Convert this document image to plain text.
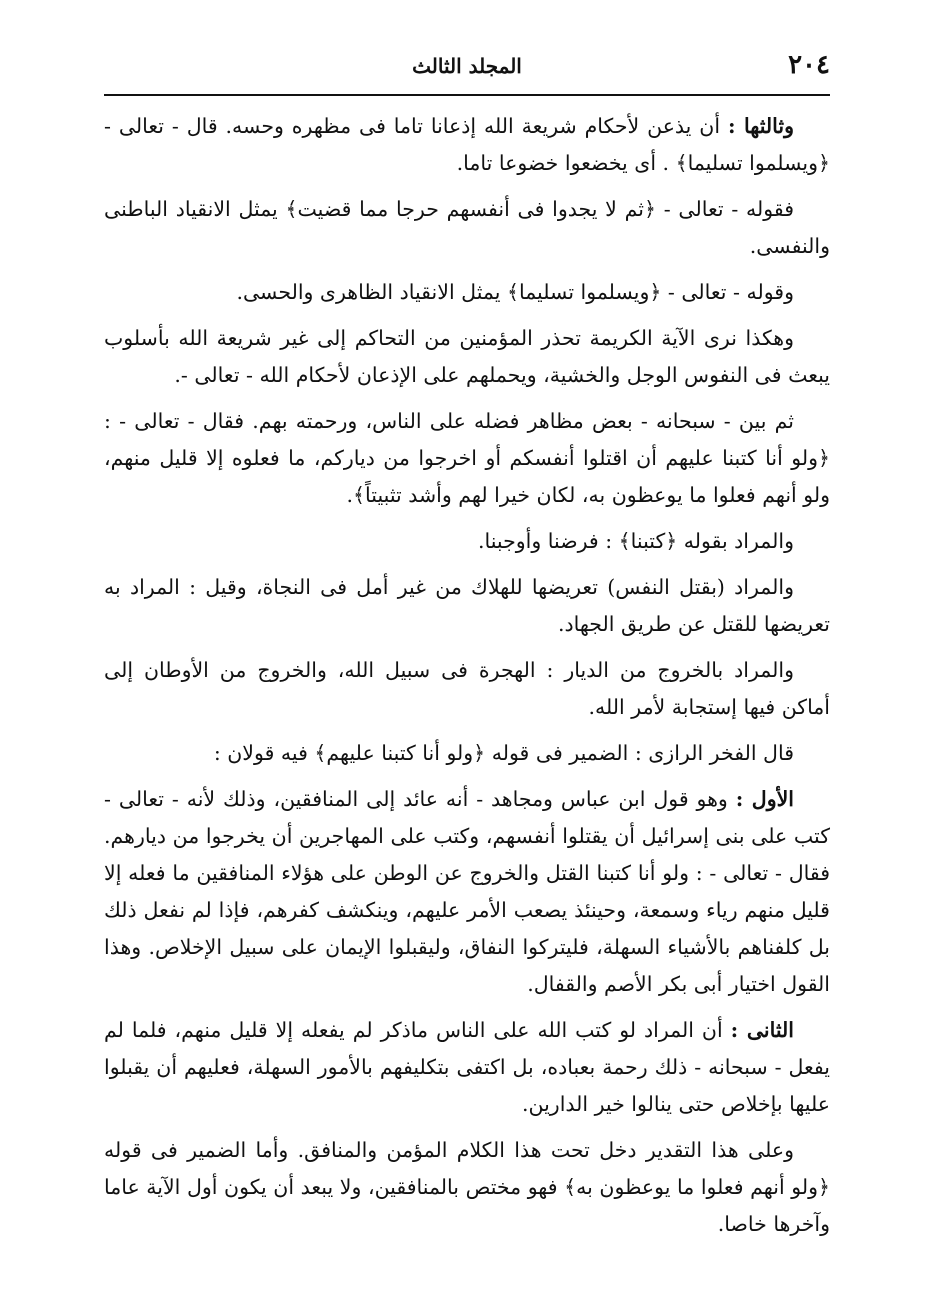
٢٠٤
المجلد الثالث

وثالثها : أن يذعن لأحكام شريعة الله إذعانا تاما فى مظهره وحسه. قال - تعالى - ﴿ويسلموا تسليما﴾ . أى يخضعوا خضوعا تاما.

فقوله - تعالى - ﴿ثم لا يجدوا فى أنفسهم حرجا مما قضيت﴾ يمثل الانقياد الباطنى والنفسى.

وقوله - تعالى - ﴿ويسلموا تسليما﴾ يمثل الانقياد الظاهرى والحسى.

وهكذا نرى الآية الكريمة تحذر المؤمنين من التحاكم إلى غير شريعة الله بأسلوب يبعث فى النفوس الوجل والخشية، ويحملهم على الإذعان لأحكام الله - تعالى -.

ثم بين - سبحانه - بعض مظاهر فضله على الناس، ورحمته بهم. فقال - تعالى - : ﴿ولو أنا كتبنا عليهم أن اقتلوا أنفسكم أو اخرجوا من دياركم، ما فعلوه إلا قليل منهم، ولو أنهم فعلوا ما يوعظون به، لكان خيرا لهم وأشد تثبيتاً﴾.

والمراد بقوله ﴿كتبنا﴾ : فرضنا وأوجبنا.

والمراد (بقتل النفس) تعريضها للهلاك من غير أمل فى النجاة، وقيل : المراد به تعريضها للقتل عن طريق الجهاد.

والمراد بالخروج من الديار : الهجرة فى سبيل الله، والخروج من الأوطان إلى أماكن فيها إستجابة لأمر الله.

قال الفخر الرازى : الضمير فى قوله ﴿ولو أنا كتبنا عليهم﴾ فيه قولان :

الأول : وهو قول ابن عباس ومجاهد - أنه عائد إلى المنافقين، وذلك لأنه - تعالى - كتب على بنى إسرائيل أن يقتلوا أنفسهم، وكتب على المهاجرين أن يخرجوا من ديارهم. فقال - تعالى - : ولو أنا كتبنا القتل والخروج عن الوطن على هؤلاء المنافقين ما فعله إلا قليل منهم رياء وسمعة، وحينئذ يصعب الأمر عليهم، وينكشف كفرهم، فإذا لم نفعل ذلك بل كلفناهم بالأشياء السهلة، فليتركوا النفاق، وليقبلوا الإيمان على سبيل الإخلاص. وهذا القول اختيار أبى بكر الأصم والقفال.

الثانى : أن المراد لو كتب الله على الناس ماذكر لم يفعله إلا قليل منهم، فلما لم يفعل - سبحانه - ذلك رحمة بعباده، بل اكتفى بتكليفهم بالأمور السهلة، فعليهم أن يقبلوا عليها بإخلاص حتى ينالوا خير الدارين.

وعلى هذا التقدير دخل تحت هذا الكلام المؤمن والمنافق. وأما الضمير فى قوله ﴿ولو أنهم فعلوا ما يوعظون به﴾ فهو مختص بالمنافقين، ولا يبعد أن يكون أول الآية عاما وآخرها خاصا.
